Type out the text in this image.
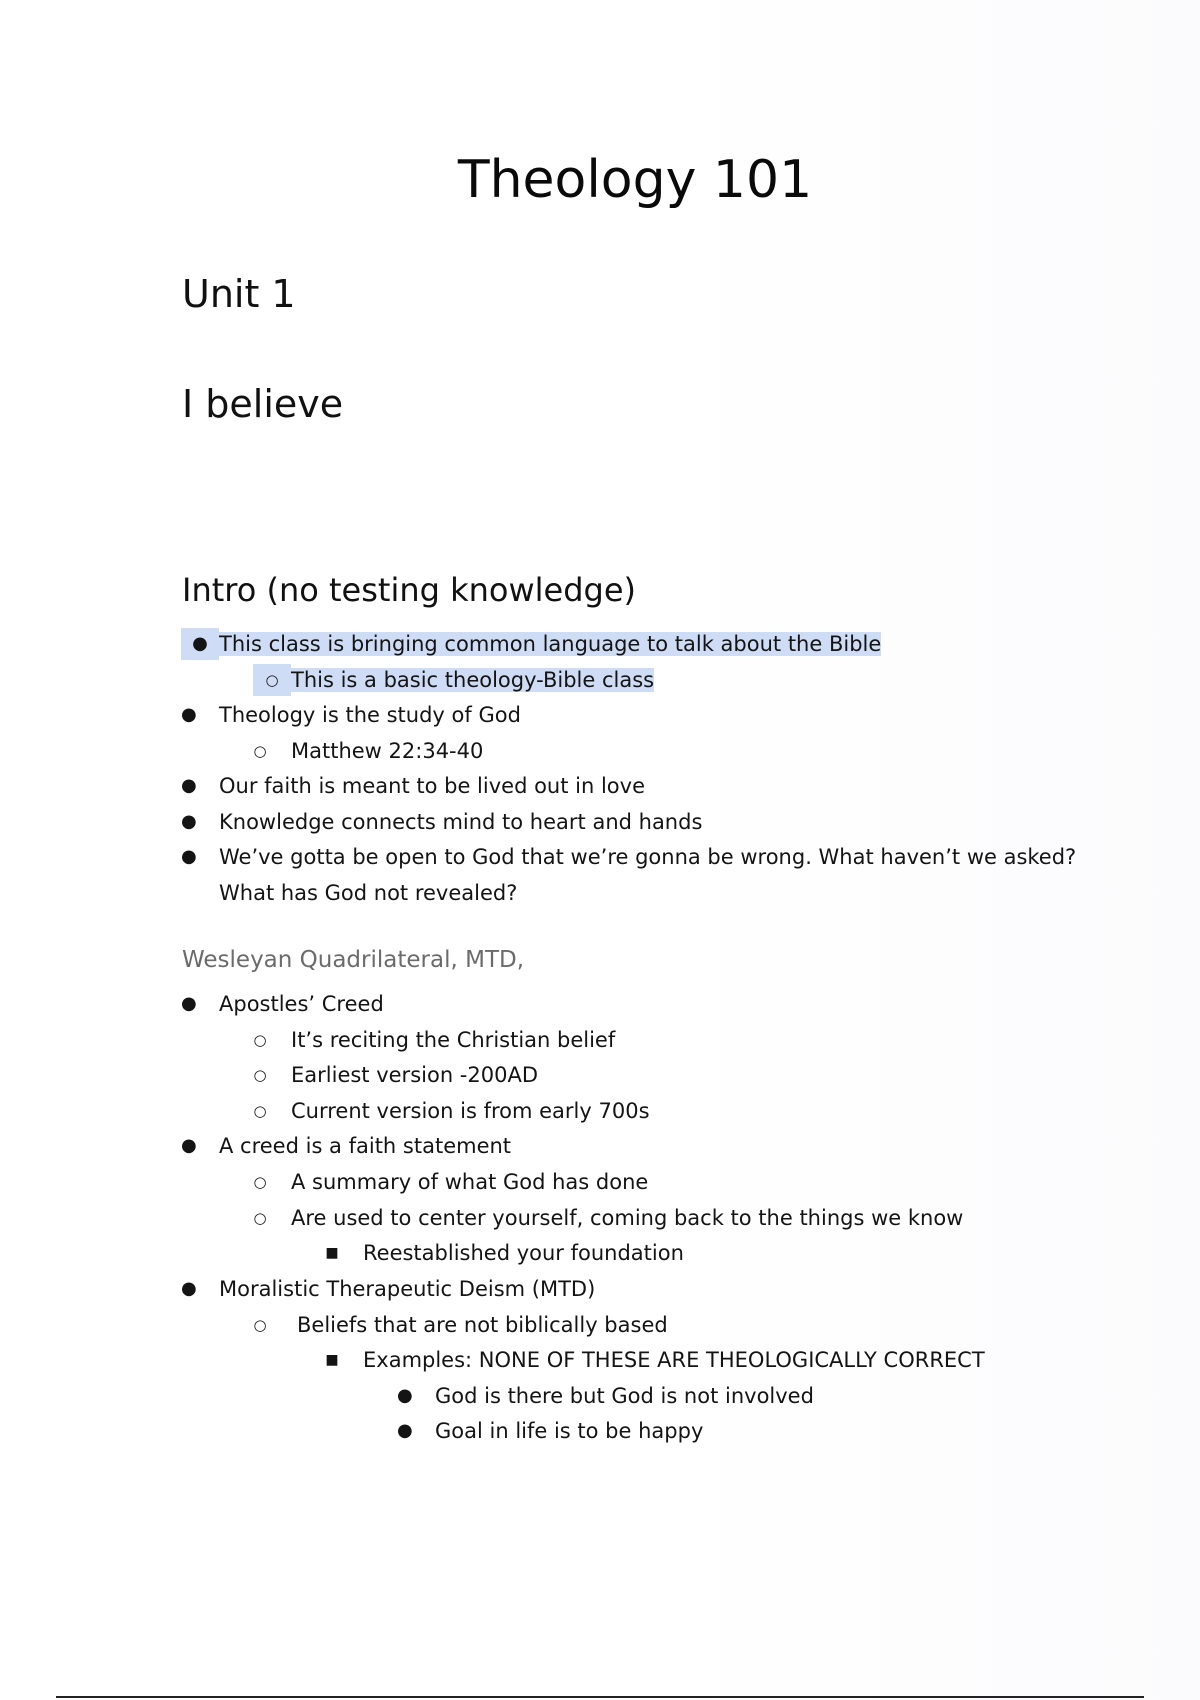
Theology 101
Unit 1
I believe
Intro (no testing knowledge)
● This class is bringing common language to talk about the Bible
○ This is a basic theology-Bible class
● Theology is the study of God
○ Matthew 22:34-40
● Our faith is meant to be lived out in love
● Knowledge connects mind to heart and hands
● We’ve gotta be open to God that we’re gonna be wrong. What haven’t we asked?
What has God not revealed?
Wesleyan Quadrilateral, MTD,
● Apostles’ Creed
○ It’s reciting the Christian belief
○ Earliest version -200AD
○ Current version is from early 700s
● A creed is a faith statement
○ A summary of what God has done
○ Are used to center yourself, coming back to the things we know
■ Reestablished your foundation
● Moralistic Therapeutic Deism (MTD)
○ Beliefs that are not biblically based
■ Examples: NONE OF THESE ARE THEOLOGICALLY CORRECT
● God is there but God is not involved
● Goal in life is to be happy
